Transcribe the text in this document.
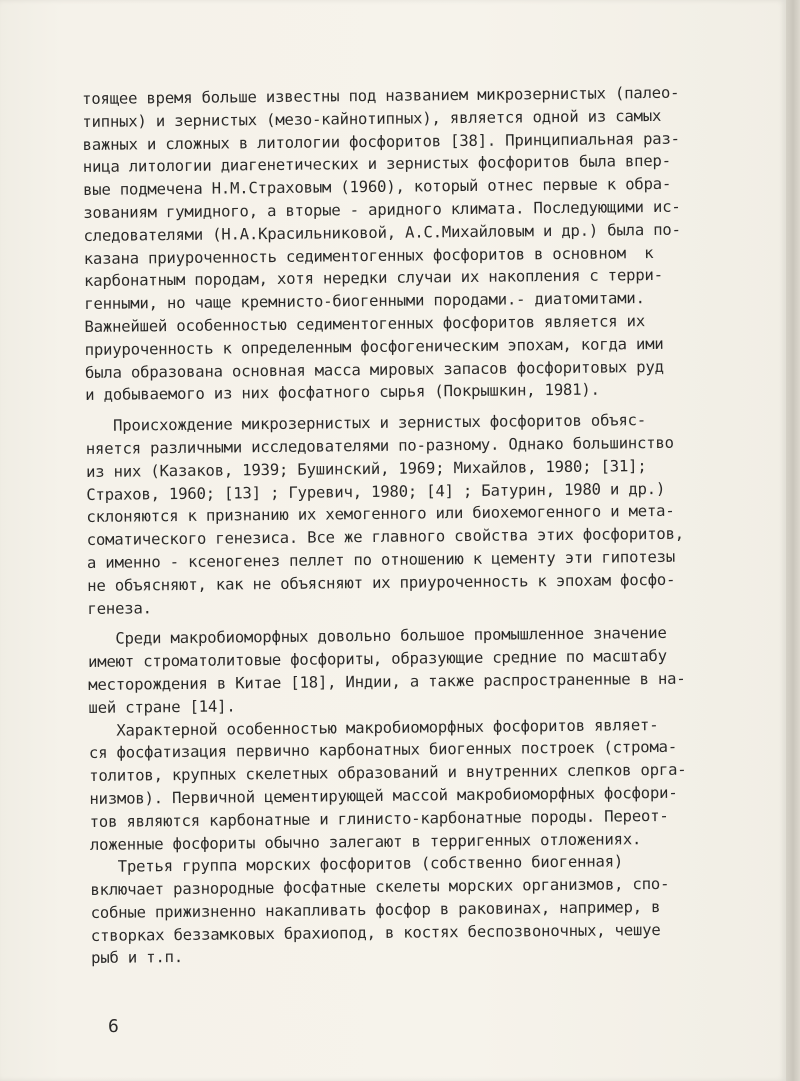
тоящее время больше известны под названием микрозернистых (палео-
типных) и зернистых (мезо-кайнотипных), является одной из самых
важных и сложных в литологии фосфоритов [38]. Принципиальная раз-
ница литологии диагенетических и зернистых фосфоритов была впер-
вые подмечена Н.М.Страховым (1960), который отнес первые к обра-
зованиям гумидного, а вторые - аридного климата. Последующими ис-
следователями (Н.А.Красильниковой, А.С.Михайловым и др.) была по-
казана приуроченность седиментогенных фосфоритов в основном  к
карбонатным породам, хотя нередки случаи их накопления с терри-
генными, но чаще кремнисто-биогенными породами.- диатомитами.
Важнейшей особенностью седиментогенных фосфоритов является их
приуроченность к определенным фосфогеническим эпохам, когда ими
была образована основная масса мировых запасов фосфоритовых руд
и добываемого из них фосфатного сырья (Покрышкин, 1981).
Происхождение микрозернистых и зернистых фосфоритов объяс-
няется различными исследователями по-разному. Однако большинство
из них (Казаков, 1939; Бушинский, 1969; Михайлов, 1980; [31];
Страхов, 1960; [13] ; Гуревич, 1980; [4] ; Батурин, 1980 и др.)
склоняются к признанию их хемогенного или биохемогенного и мета-
соматического генезиса. Все же главного свойства этих фосфоритов,
а именно - ксеногенез пеллет по отношению к цементу эти гипотезы
не объясняют, как не объясняют их приуроченность к эпохам фосфо-
генеза.
Среди макробиоморфных довольно большое промышленное значение
имеют строматолитовые фосфориты, образующие средние по масштабу
месторождения в Китае [18], Индии, а также распространенные в на-
шей стране [14].
Характерной особенностью макробиоморфных фосфоритов являет-
ся фосфатизация первично карбонатных биогенных построек (строма-
толитов, крупных скелетных образований и внутренних слепков орга-
низмов). Первичной цементирующей массой макробиоморфных фосфори-
тов являются карбонатные и глинисто-карбонатные породы. Переот-
ложенные фосфориты обычно залегают в терригенных отложениях.
Третья группа морских фосфоритов (собственно биогенная)
включает разнородные фосфатные скелеты морских организмов, спо-
собные прижизненно накапливать фосфор в раковинах, например, в
створках беззамковых брахиопод, в костях беспозвоночных, чешуе
рыб и т.п.
6
